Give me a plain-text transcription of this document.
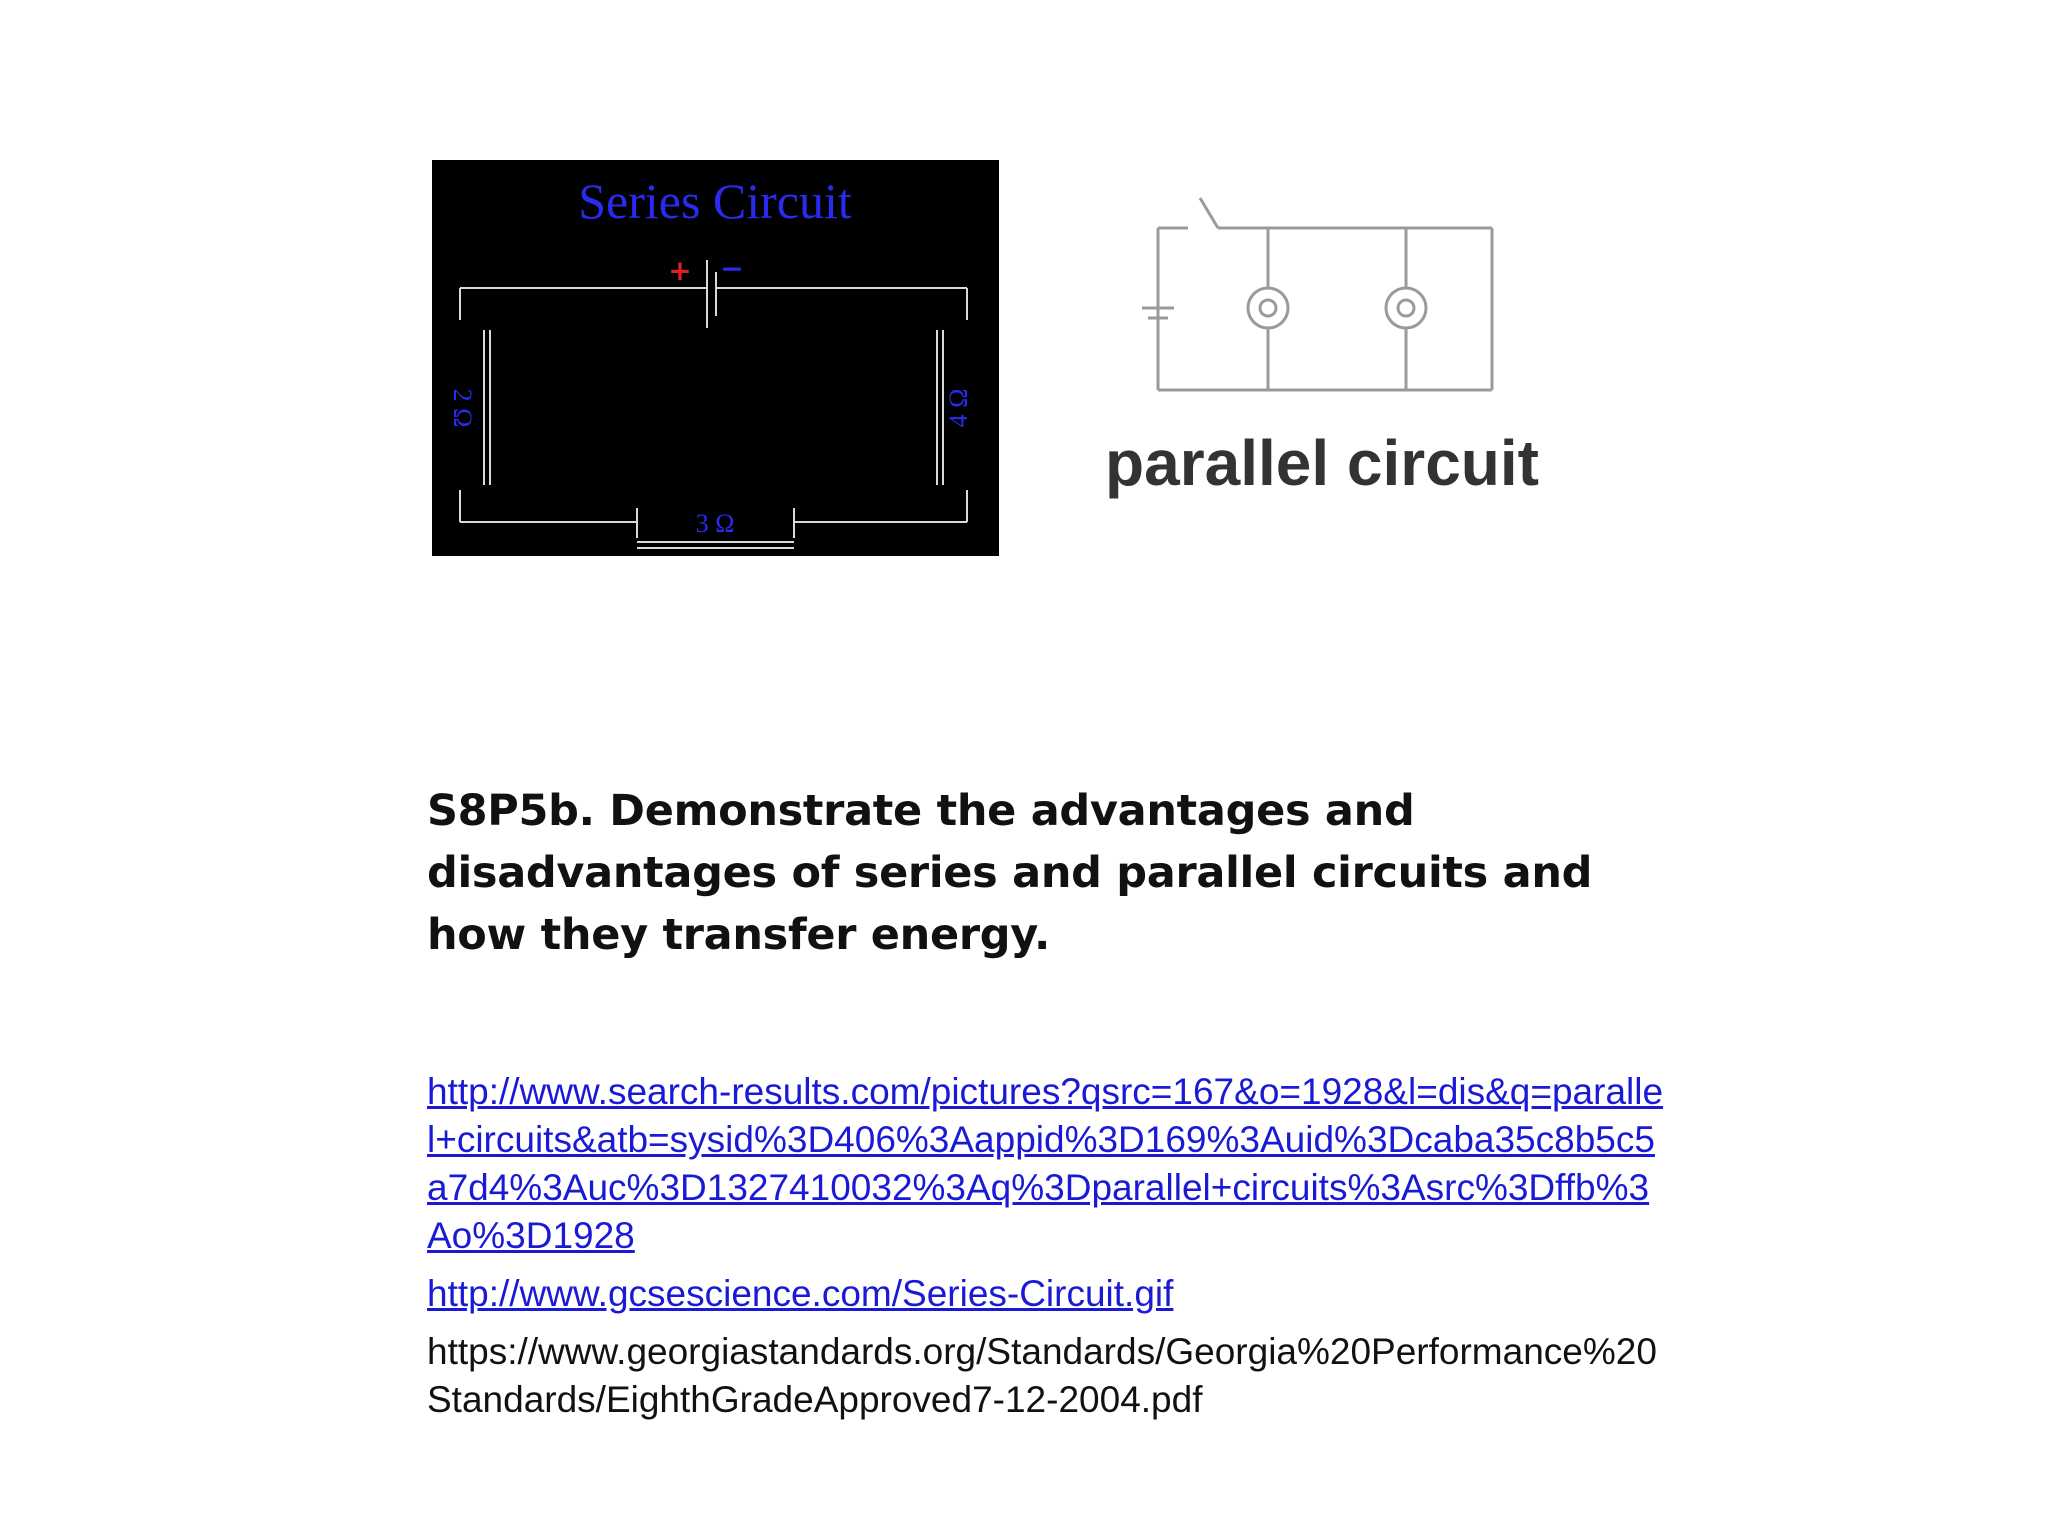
Series Circuit
+ −
2 Ω	4 Ω
3 Ω
parallel circuit
S8P5b. Demonstrate the advantages and disadvantages of series and parallel circuits and how they transfer energy.
http://www.search-results.com/pictures?qsrc=167&o=1928&l=dis&q=parallel+circuits&atb=sysid%3D406%3Aappid%3D169%3Auid%3Dcaba35c8b5c5a7d4%3Auc%3D1327410032%3Aq%3Dparallel+circuits%3Asrc%3Dffb%3Ao%3D1928
http://www.gcsescience.com/Series-Circuit.gif
https://www.georgiastandards.org/Standards/Georgia%20Performance%20Standards/EighthGradeApproved7-12-2004.pdf
